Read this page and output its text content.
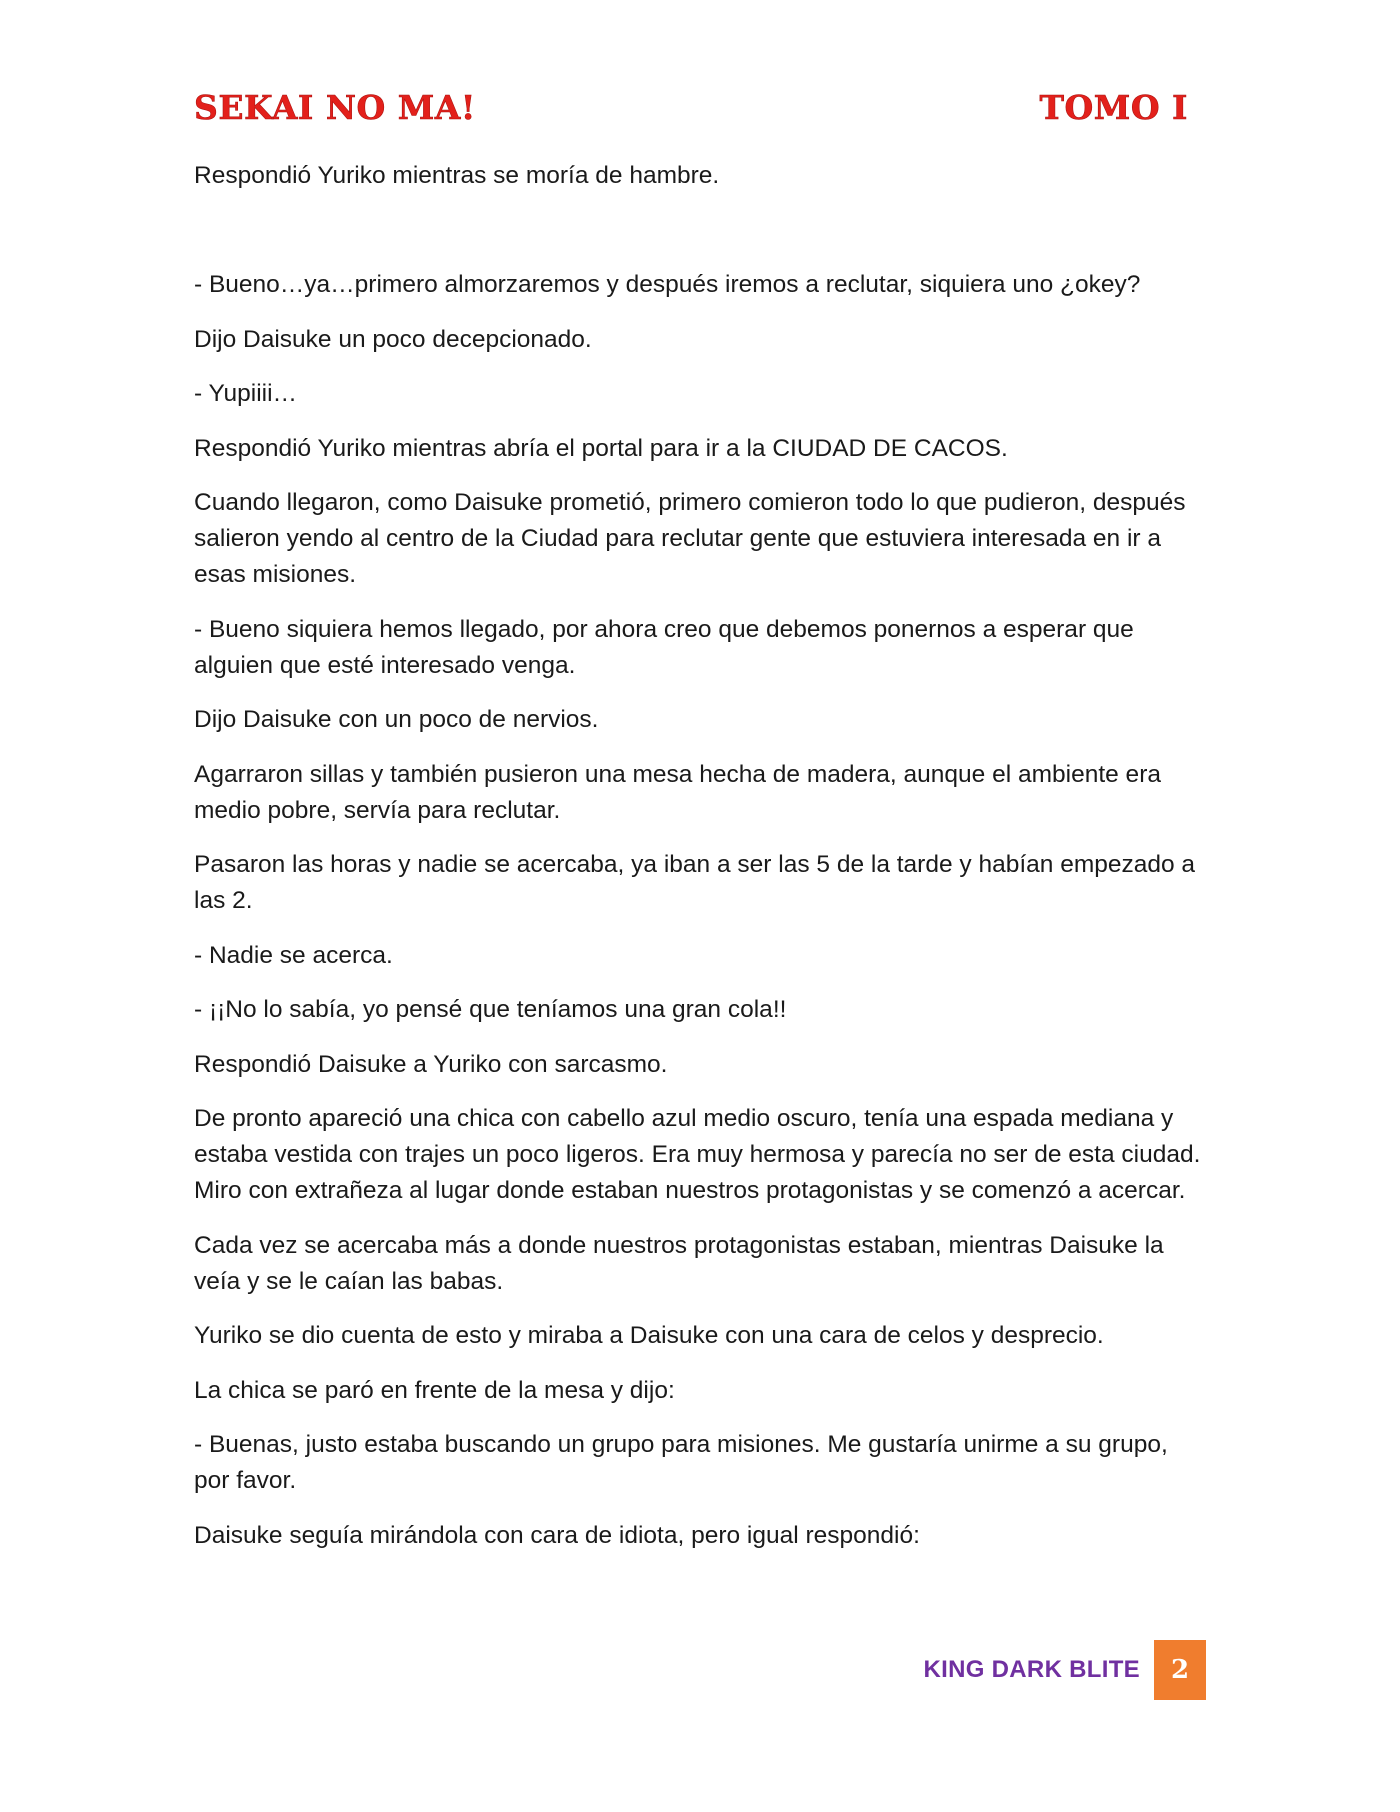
SEKAI NO MA!	TOMO I

Respondió Yuriko mientras se moría de hambre.

- Bueno…ya…primero almorzaremos y después iremos a reclutar, siquiera uno ¿okey?

Dijo Daisuke un poco decepcionado.

- Yupiiii…

Respondió Yuriko mientras abría el portal para ir a la CIUDAD DE CACOS.

Cuando llegaron, como Daisuke prometió, primero comieron todo lo que pudieron, después salieron yendo al centro de la Ciudad para reclutar gente que estuviera interesada en ir a esas misiones.

- Bueno siquiera hemos llegado, por ahora creo que debemos ponernos a esperar que alguien que esté interesado venga.

Dijo Daisuke con un poco de nervios.

Agarraron sillas y también pusieron una mesa hecha de madera, aunque el ambiente era medio pobre, servía para reclutar.

Pasaron las horas y nadie se acercaba, ya iban a ser las 5 de la tarde y habían empezado a las 2.

- Nadie se acerca.

- ¡¡No lo sabía, yo pensé que teníamos una gran cola!!

Respondió Daisuke a Yuriko con sarcasmo.

De pronto apareció una chica con cabello azul medio oscuro, tenía una espada mediana y estaba vestida con trajes un poco ligeros. Era muy hermosa y parecía no ser de esta ciudad. Miro con extrañeza al lugar donde estaban nuestros protagonistas y se comenzó a acercar.

Cada vez se acercaba más a donde nuestros protagonistas estaban, mientras Daisuke la veía y se le caían las babas.

Yuriko se dio cuenta de esto y miraba a Daisuke con una cara de celos y desprecio.

La chica se paró en frente de la mesa y dijo:

- Buenas, justo estaba buscando un grupo para misiones. Me gustaría unirme a su grupo, por favor.

Daisuke seguía mirándola con cara de idiota, pero igual respondió:

KING DARK BLITE	2
